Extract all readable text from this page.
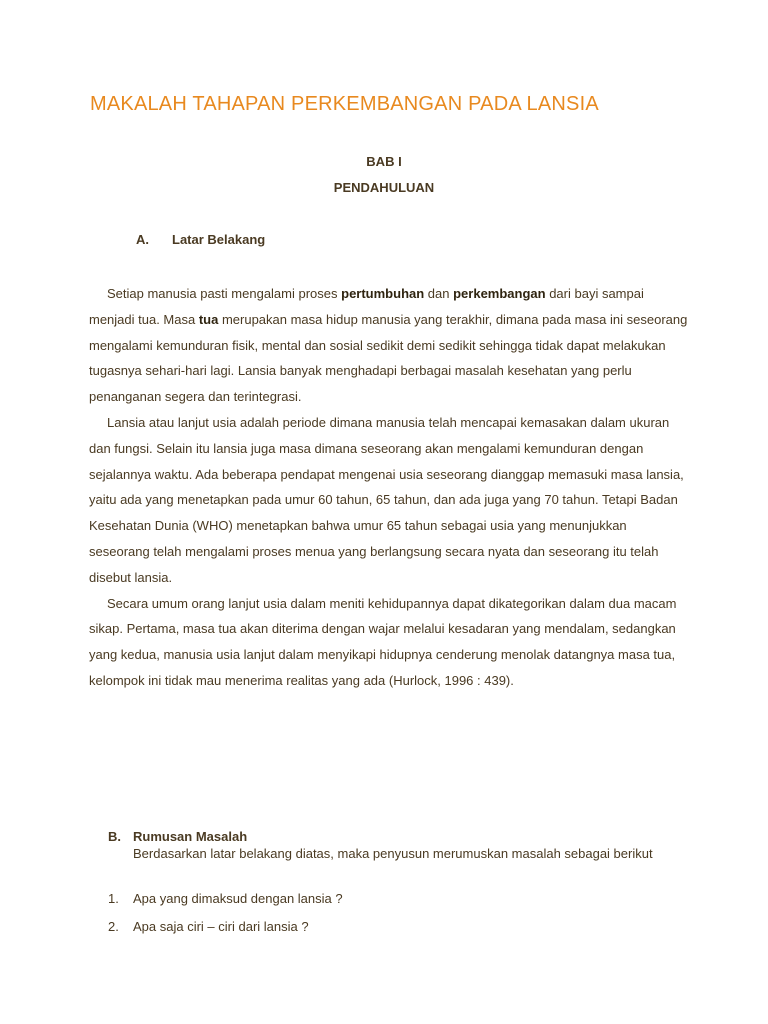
MAKALAH TAHAPAN PERKEMBANGAN PADA LANSIA
BAB I
PENDAHULUAN
A. Latar Belakang

Setiap manusia pasti mengalami proses pertumbuhan dan perkembangan dari bayi sampai menjadi tua. Masa tua merupakan masa hidup manusia yang terakhir, dimana pada masa ini seseorang mengalami kemunduran fisik, mental dan sosial sedikit demi sedikit sehingga tidak dapat melakukan tugasnya sehari-hari lagi. Lansia banyak menghadapi berbagai masalah kesehatan yang perlu penanganan segera dan terintegrasi.

Lansia atau lanjut usia adalah periode dimana manusia telah mencapai kemasakan dalam ukuran dan fungsi. Selain itu lansia juga masa dimana seseorang akan mengalami kemunduran dengan sejalannya waktu. Ada beberapa pendapat mengenai usia seseorang dianggap memasuki masa lansia, yaitu ada yang menetapkan pada umur 60 tahun, 65 tahun, dan ada juga yang 70 tahun. Tetapi Badan Kesehatan Dunia (WHO) menetapkan bahwa umur 65 tahun sebagai usia yang menunjukkan seseorang telah mengalami proses menua yang berlangsung secara nyata dan seseorang itu telah disebut lansia.

Secara umum orang lanjut usia dalam meniti kehidupannya dapat dikategorikan dalam dua macam sikap. Pertama, masa tua akan diterima dengan wajar melalui kesadaran yang mendalam, sedangkan yang kedua, manusia usia lanjut dalam menyikapi hidupnya cenderung menolak datangnya masa tua, kelompok ini tidak mau menerima realitas yang ada (Hurlock, 1996 : 439).

B. Rumusan Masalah
Berdasarkan latar belakang diatas, maka penyusun merumuskan masalah sebagai berikut
1. Apa yang dimaksud dengan lansia ?
2. Apa saja ciri – ciri dari lansia ?
